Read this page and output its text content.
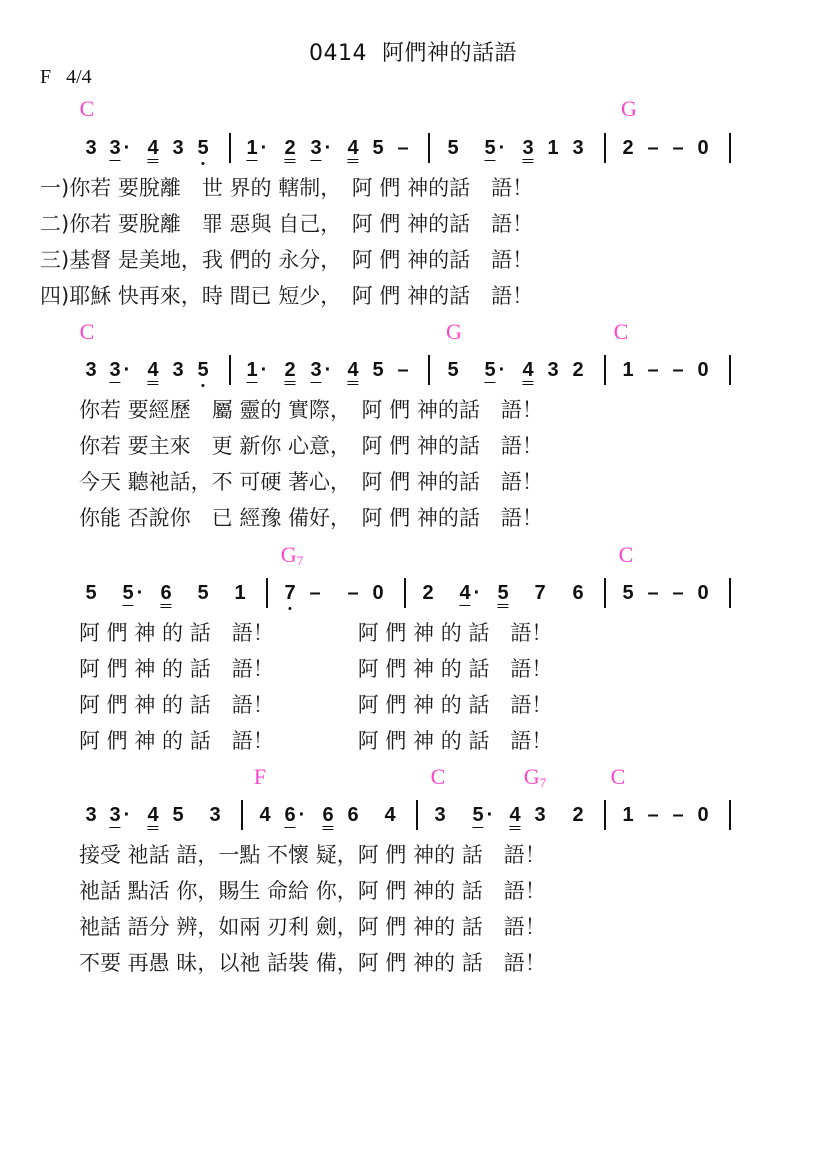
0414  阿們神的話語
F   4/4
C	G
3 3 · 4 3 5 1 · 2 3 · 4 5 – 5 5 · 3 1 3 2 – – 0
一)你若 要脫離　世 界的 轄制，　阿 們 神的話　語！
二)你若 要脫離　罪 惡與 自己，　阿 們 神的話　語！
三)基督 是美地，我 們的 永分，　阿 們 神的話　語！
四)耶穌 快再來，時 間已 短少，　阿 們 神的話　語！
C	G	C
3 3 · 4 3 5 1 · 2 3 · 4 5 – 5 5 · 4 3 2 1 – – 0
你若 要經歷　屬 靈的 實際，　阿 們 神的話　語！
你若 要主來　更 新你 心意，　阿 們 神的話　語！
今天 聽祂話，不 可硬 著心，　阿 們 神的話　語！
你能 否說你　已 經豫 備好，　阿 們 神的話　語！
$G_7$	C
5 5 · 6 5 1 7 – – 0 2 4 · 5 7 6 5 – – 0
阿 們 神 的 話　語！　　　　阿 們 神 的 話　語！
阿 們 神 的 話　語！　　　　阿 們 神 的 話　語！
阿 們 神 的 話　語！　　　　阿 們 神 的 話　語！
阿 們 神 的 話　語！　　　　阿 們 神 的 話　語！
F	C	$G_7$	C
3 3 · 4 5 3 4 6 · 6 6 4 3 5 · 4 3 2 1 – – 0
接受 祂話 語，一點 不懷 疑，阿 們 神的 話　語！
祂話 點活 你，賜生 命給 你，阿 們 神的 話　語！
祂話 語分 辨，如兩 刃利 劍，阿 們 神的 話　語！
不要 再愚 昧，以祂 話裝 備，阿 們 神的 話　語！
